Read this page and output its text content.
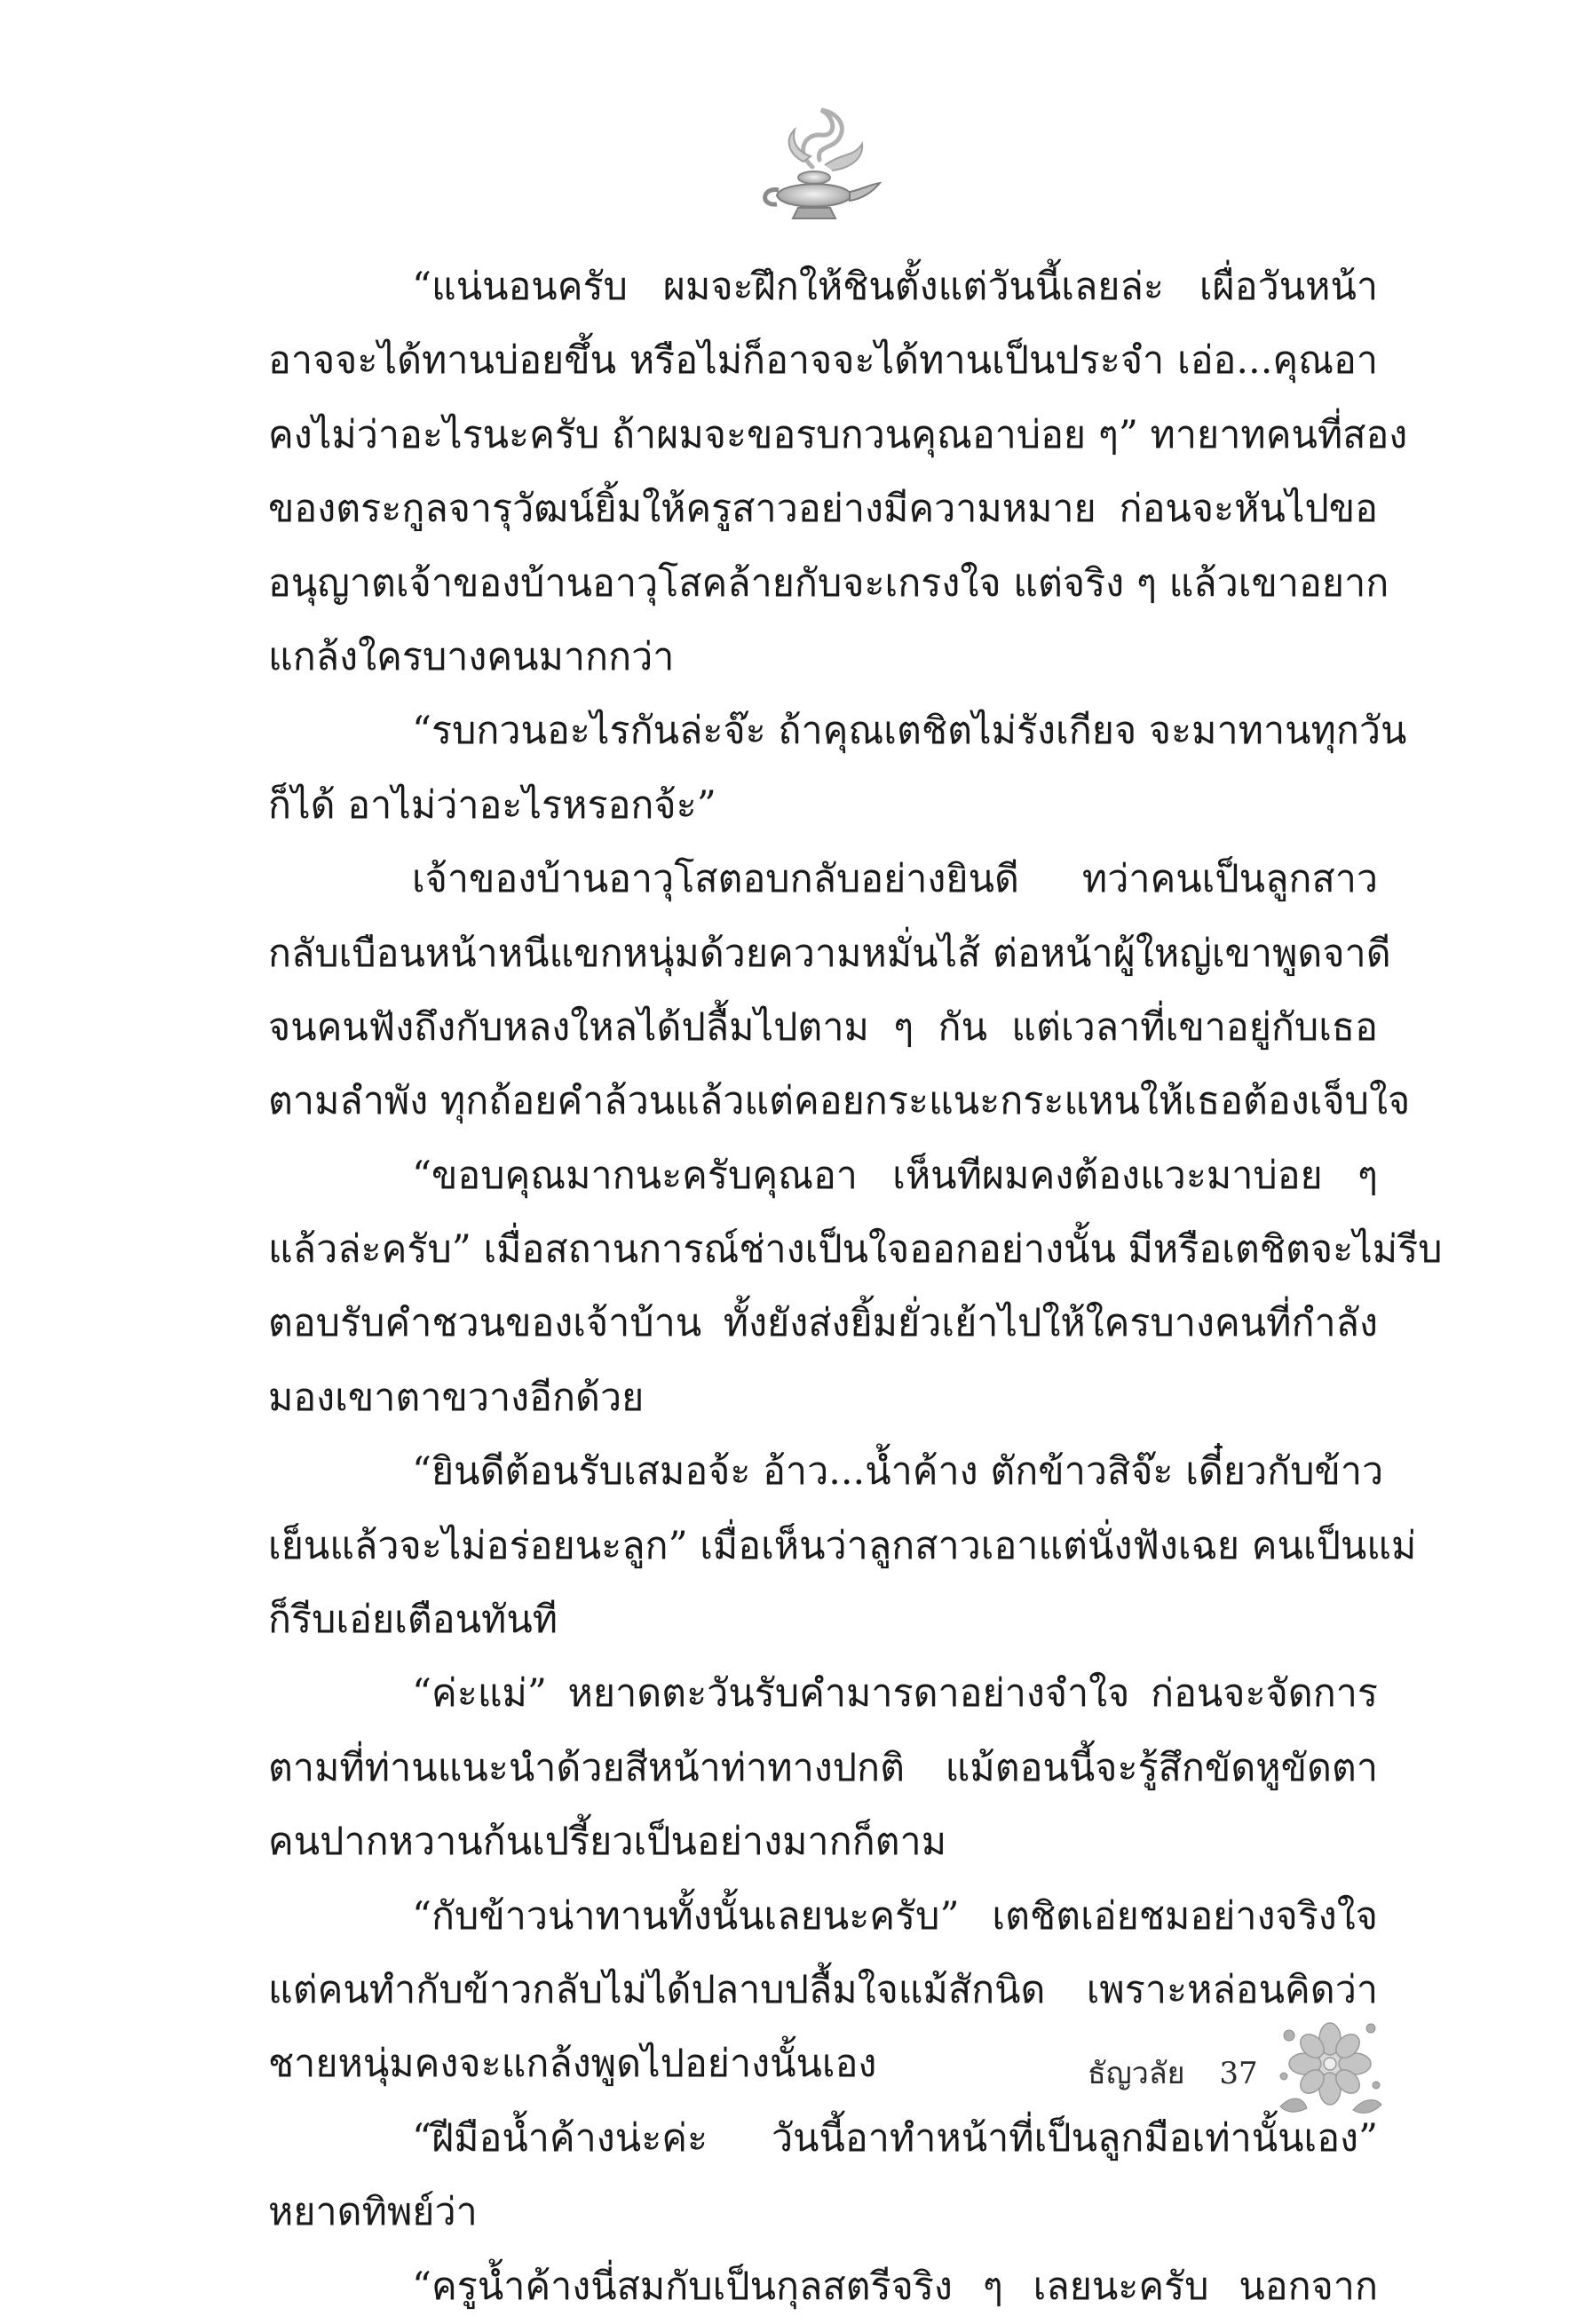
“แน่นอนครับ ผมจะฝึกให้ชินตั้งแต่วันนี้เลยล่ะ เผื่อวันหน้า
อาจจะได้ทานบ่อยขึ้น หรือไม่ก็อาจจะได้ทานเป็นประจำ เอ่อ...คุณอา
คงไม่ว่าอะไรนะครับ ถ้าผมจะขอรบกวนคุณอาบ่อย ๆ” ทายาทคนที่สอง
ของตระกูลจารุวัฒน์ยิ้มให้ครูสาวอย่างมีความหมาย ก่อนจะหันไปขอ
อนุญาตเจ้าของบ้านอาวุโสคล้ายกับจะเกรงใจ แต่จริง ๆ แล้วเขาอยาก
แกล้งใครบางคนมากกว่า
“รบกวนอะไรกันล่ะจ๊ะ ถ้าคุณเตชิตไม่รังเกียจ จะมาทานทุกวัน
ก็ได้ อาไม่ว่าอะไรหรอกจ้ะ”
เจ้าของบ้านอาวุโสตอบกลับอย่างยินดี ทว่าคนเป็นลูกสาว
กลับเบือนหน้าหนีแขกหนุ่มด้วยความหมั่นไส้ ต่อหน้าผู้ใหญ่เขาพูดจาดี
จนคนฟังถึงกับหลงใหลได้ปลื้มไปตาม ๆ กัน แต่เวลาที่เขาอยู่กับเธอ
ตามลำพัง ทุกถ้อยคำล้วนแล้วแต่คอยกระแนะกระแหนให้เธอต้องเจ็บใจ
“ขอบคุณมากนะครับคุณอา เห็นทีผมคงต้องแวะมาบ่อย ๆ
แล้วล่ะครับ” เมื่อสถานการณ์ช่างเป็นใจออกอย่างนั้น มีหรือเตชิตจะไม่รีบ
ตอบรับคำชวนของเจ้าบ้าน ทั้งยังส่งยิ้มยั่วเย้าไปให้ใครบางคนที่กำลัง
มองเขาตาขวางอีกด้วย
“ยินดีต้อนรับเสมอจ้ะ อ้าว...น้ำค้าง ตักข้าวสิจ๊ะ เดี๋ยวกับข้าว
เย็นแล้วจะไม่อร่อยนะลูก” เมื่อเห็นว่าลูกสาวเอาแต่นั่งฟังเฉย คนเป็นแม่
ก็รีบเอ่ยเตือนทันที
“ค่ะแม่” หยาดตะวันรับคำมารดาอย่างจำใจ ก่อนจะจัดการ
ตามที่ท่านแนะนำด้วยสีหน้าท่าทางปกติ แม้ตอนนี้จะรู้สึกขัดหูขัดตา
คนปากหวานก้นเปรี้ยวเป็นอย่างมากก็ตาม
“กับข้าวน่าทานทั้งนั้นเลยนะครับ” เตชิตเอ่ยชมอย่างจริงใจ
แต่คนทำกับข้าวกลับไม่ได้ปลาบปลื้มใจแม้สักนิด เพราะหล่อนคิดว่า
ชายหนุ่มคงจะแกล้งพูดไปอย่างนั้นเอง
“ฝีมือน้ำค้างน่ะค่ะ วันนี้อาทำหน้าที่เป็นลูกมือเท่านั้นเอง”
หยาดทิพย์ว่า
“ครูน้ำค้างนี่สมกับเป็นกุลสตรีจริง ๆ เลยนะครับ นอกจาก
ธัญวลัย 37
